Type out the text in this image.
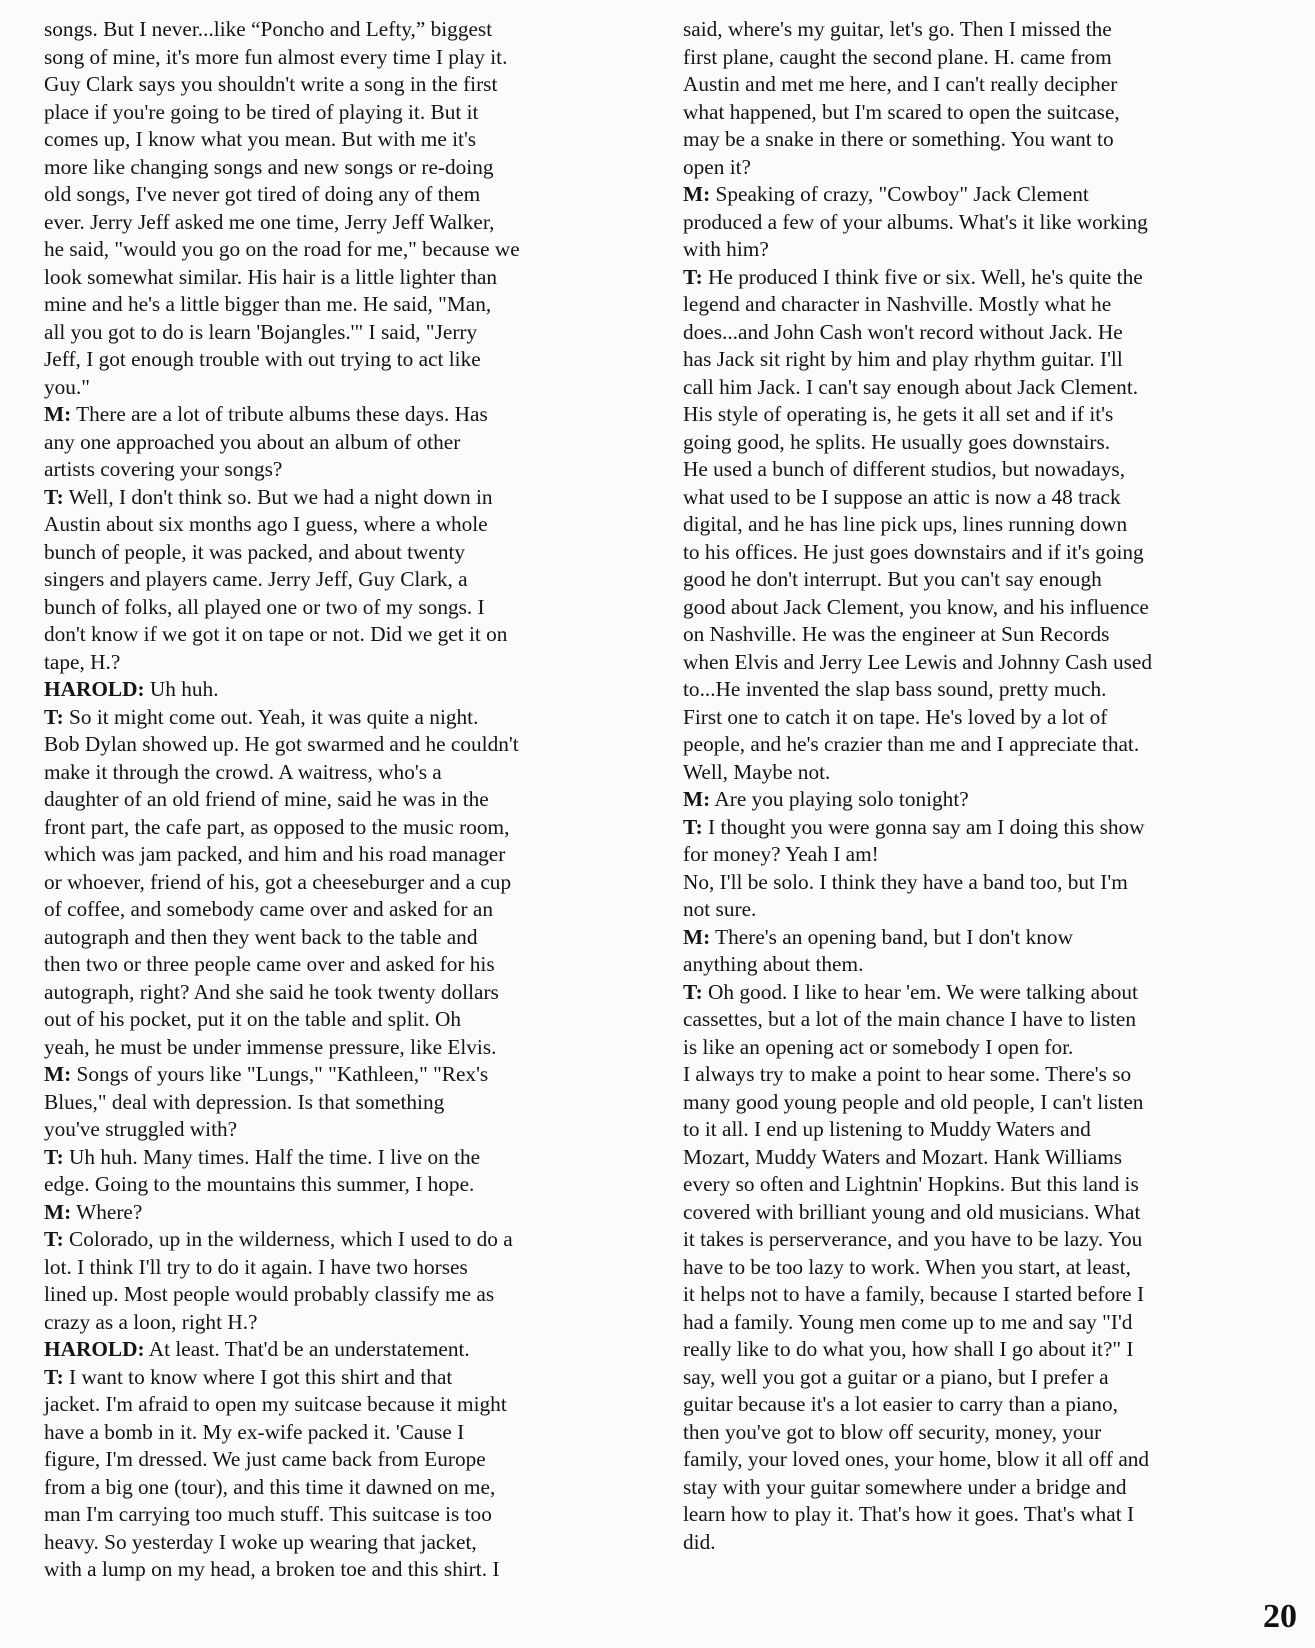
songs. But I never...like “Poncho and Lefty,” biggest
song of mine, it's more fun almost every time I play it.
Guy Clark says you shouldn't write a song in the first
place if you're going to be tired of playing it. But it
comes up, I know what you mean. But with me it's
more like changing songs and new songs or re-doing
old songs, I've never got tired of doing any of them
ever. Jerry Jeff asked me one time, Jerry Jeff Walker,
he said, "would you go on the road for me," because we
look somewhat similar. His hair is a little lighter than
mine and he's a little bigger than me. He said, "Man,
all you got to do is learn 'Bojangles.'" I said, "Jerry
Jeff, I got enough trouble with out trying to act like
you."
M: There are a lot of tribute albums these days. Has
any one approached you about an album of other
artists covering your songs?
T: Well, I don't think so. But we had a night down in
Austin about six months ago I guess, where a whole
bunch of people, it was packed, and about twenty
singers and players came. Jerry Jeff, Guy Clark, a
bunch of folks, all played one or two of my songs. I
don't know if we got it on tape or not. Did we get it on
tape, H.?
HAROLD: Uh huh.
T: So it might come out. Yeah, it was quite a night.
Bob Dylan showed up. He got swarmed and he couldn't
make it through the crowd. A waitress, who's a
daughter of an old friend of mine, said he was in the
front part, the cafe part, as opposed to the music room,
which was jam packed, and him and his road manager
or whoever, friend of his, got a cheeseburger and a cup
of coffee, and somebody came over and asked for an
autograph and then they went back to the table and
then two or three people came over and asked for his
autograph, right? And she said he took twenty dollars
out of his pocket, put it on the table and split. Oh
yeah, he must be under immense pressure, like Elvis.
M: Songs of yours like "Lungs," "Kathleen," "Rex's
Blues," deal with depression. Is that something
you've struggled with?
T: Uh huh. Many times. Half the time. I live on the
edge. Going to the mountains this summer, I hope.
M: Where?
T: Colorado, up in the wilderness, which I used to do a
lot. I think I'll try to do it again. I have two horses
lined up. Most people would probably classify me as
crazy as a loon, right H.?
HAROLD: At least. That'd be an understatement.
T: I want to know where I got this shirt and that
jacket. I'm afraid to open my suitcase because it might
have a bomb in it. My ex-wife packed it. 'Cause I
figure, I'm dressed. We just came back from Europe
from a big one (tour), and this time it dawned on me,
man I'm carrying too much stuff. This suitcase is too
heavy. So yesterday I woke up wearing that jacket,
with a lump on my head, a broken toe and this shirt. I
said, where's my guitar, let's go. Then I missed the
first plane, caught the second plane. H. came from
Austin and met me here, and I can't really decipher
what happened, but I'm scared to open the suitcase,
may be a snake in there or something. You want to
open it?
M: Speaking of crazy, "Cowboy" Jack Clement
produced a few of your albums. What's it like working
with him?
T: He produced I think five or six. Well, he's quite the
legend and character in Nashville. Mostly what he
does...and John Cash won't record without Jack. He
has Jack sit right by him and play rhythm guitar. I'll
call him Jack. I can't say enough about Jack Clement.
His style of operating is, he gets it all set and if it's
going good, he splits. He usually goes downstairs.
He used a bunch of different studios, but nowadays,
what used to be I suppose an attic is now a 48 track
digital, and he has line pick ups, lines running down
to his offices. He just goes downstairs and if it's going
good he don't interrupt. But you can't say enough
good about Jack Clement, you know, and his influence
on Nashville. He was the engineer at Sun Records
when Elvis and Jerry Lee Lewis and Johnny Cash used
to...He invented the slap bass sound, pretty much.
First one to catch it on tape. He's loved by a lot of
people, and he's crazier than me and I appreciate that.
Well, Maybe not.
M: Are you playing solo tonight?
T: I thought you were gonna say am I doing this show
for money? Yeah I am!
No, I'll be solo. I think they have a band too, but I'm
not sure.
M: There's an opening band, but I don't know
anything about them.
T: Oh good. I like to hear 'em. We were talking about
cassettes, but a lot of the main chance I have to listen
is like an opening act or somebody I open for.
I always try to make a point to hear some. There's so
many good young people and old people, I can't listen
to it all. I end up listening to Muddy Waters and
Mozart, Muddy Waters and Mozart. Hank Williams
every so often and Lightnin' Hopkins. But this land is
covered with brilliant young and old musicians. What
it takes is perserverance, and you have to be lazy. You
have to be too lazy to work. When you start, at least,
it helps not to have a family, because I started before I
had a family. Young men come up to me and say "I'd
really like to do what you, how shall I go about it?" I
say, well you got a guitar or a piano, but I prefer a
guitar because it's a lot easier to carry than a piano,
then you've got to blow off security, money, your
family, your loved ones, your home, blow it all off and
stay with your guitar somewhere under a bridge and
learn how to play it. That's how it goes. That's what I
did.
20
